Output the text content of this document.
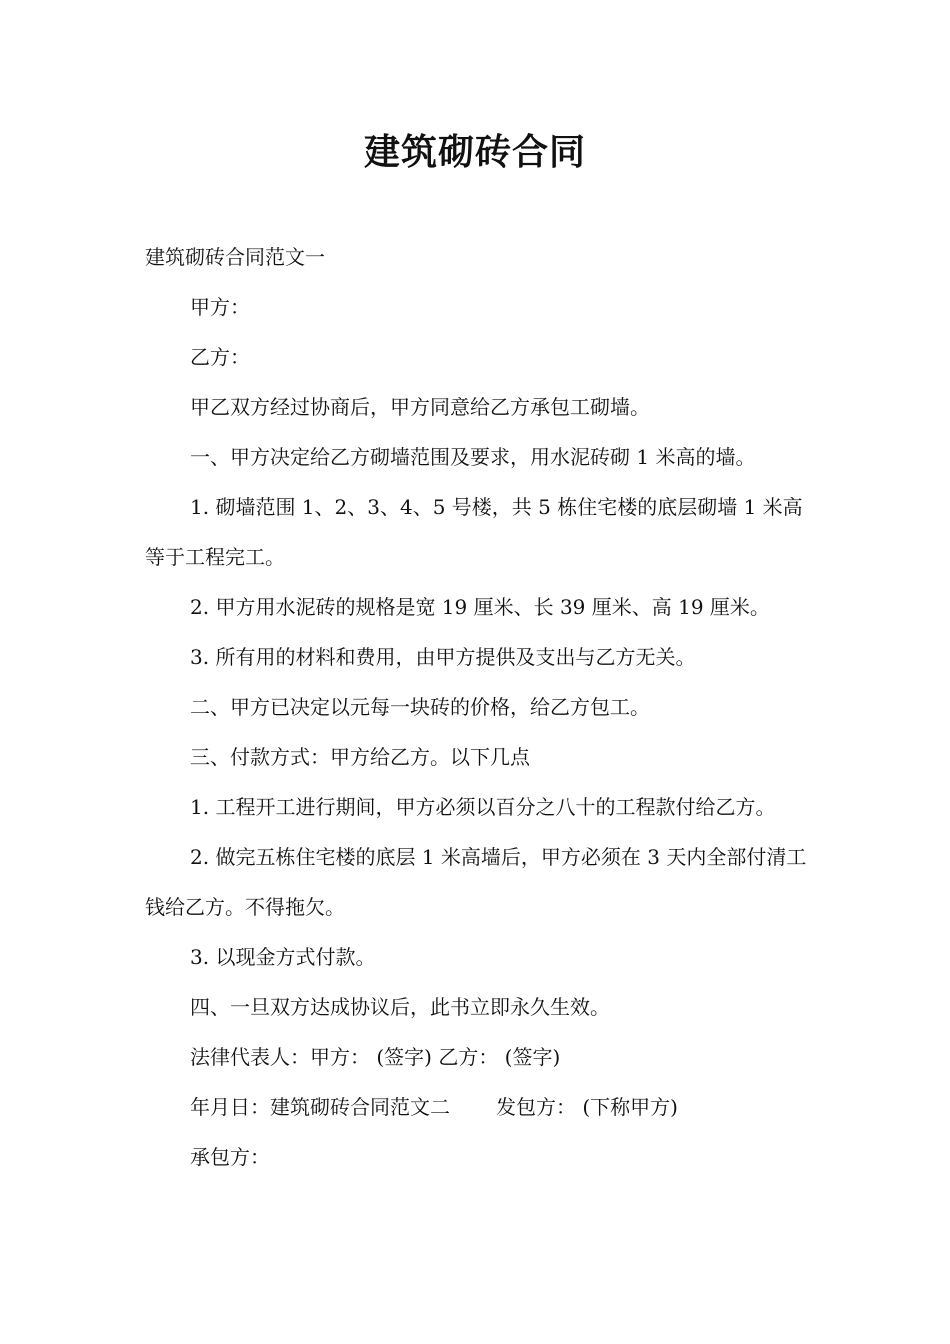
建筑砌砖合同

建筑砌砖合同范文一

甲方：

乙方：

甲乙双方经过协商后，甲方同意给乙方承包工砌墙。

一、甲方决定给乙方砌墙范围及要求，用水泥砖砌 1 米高的墙。

1. 砌墙范围 1、2、3、4、5 号楼，共 5 栋住宅楼的底层砌墙 1 米高等于工程完工。

2. 甲方用水泥砖的规格是宽 19 厘米、长 39 厘米、高 19 厘米。

3. 所有用的材料和费用，由甲方提供及支出与乙方无关。

二、甲方已决定以元每一块砖的价格，给乙方包工。

三、付款方式：甲方给乙方。以下几点

1. 工程开工进行期间，甲方必须以百分之八十的工程款付给乙方。

2. 做完五栋住宅楼的底层 1 米高墙后，甲方必须在 3 天内全部付清工钱给乙方。不得拖欠。

3. 以现金方式付款。

四、一旦双方达成协议后，此书立即永久生效。

法律代表人：甲方： (签字) 乙方： (签字)

年月日：建筑砌砖合同范文二 发包方： (下称甲方)

承包方：
